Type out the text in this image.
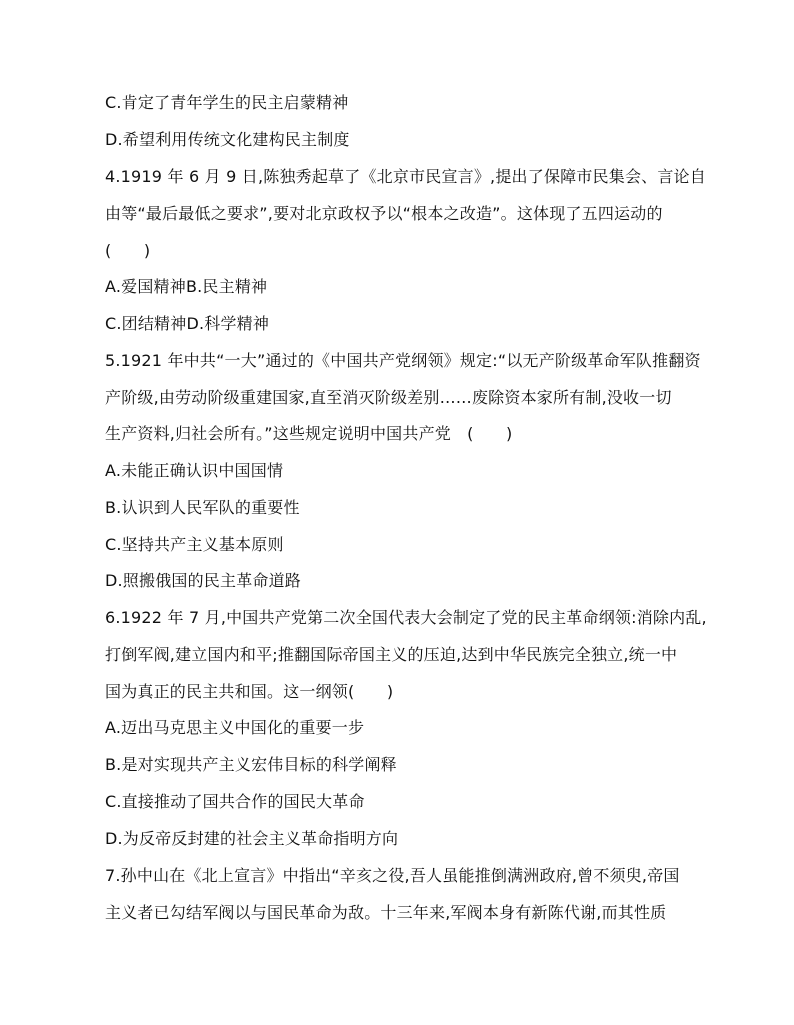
C.肯定了青年学生的民主启蒙精神
D.希望利用传统文化建构民主制度
4.1919 年 6 月 9 日,陈独秀起草了《北京市民宣言》,提出了保障市民集会、言论自
由等“最后最低之要求”,要对北京政权予以“根本之改造”。这体现了五四运动的
(　　)
A.爱国精神B.民主精神
C.团结精神D.科学精神
5.1921 年中共“一大”通过的《中国共产党纲领》规定:“以无产阶级革命军队推翻资
产阶级,由劳动阶级重建国家,直至消灭阶级差别……废除资本家所有制,没收一切
生产资料,归社会所有。”这些规定说明中国共产党　(　　)
A.未能正确认识中国国情
B.认识到人民军队的重要性
C.坚持共产主义基本原则
D.照搬俄国的民主革命道路
6.1922 年 7 月,中国共产党第二次全国代表大会制定了党的民主革命纲领:消除内乱,
打倒军阀,建立国内和平;推翻国际帝国主义的压迫,达到中华民族完全独立,统一中
国为真正的民主共和国。这一纲领(　　)
A.迈出马克思主义中国化的重要一步
B.是对实现共产主义宏伟目标的科学阐释
C.直接推动了国共合作的国民大革命
D.为反帝反封建的社会主义革命指明方向
7.孙中山在《北上宣言》中指出“辛亥之役,吾人虽能推倒满洲政府,曾不须臾,帝国
主义者已勾结军阀以与国民革命为敌。十三年来,军阀本身有新陈代谢,而其性质
